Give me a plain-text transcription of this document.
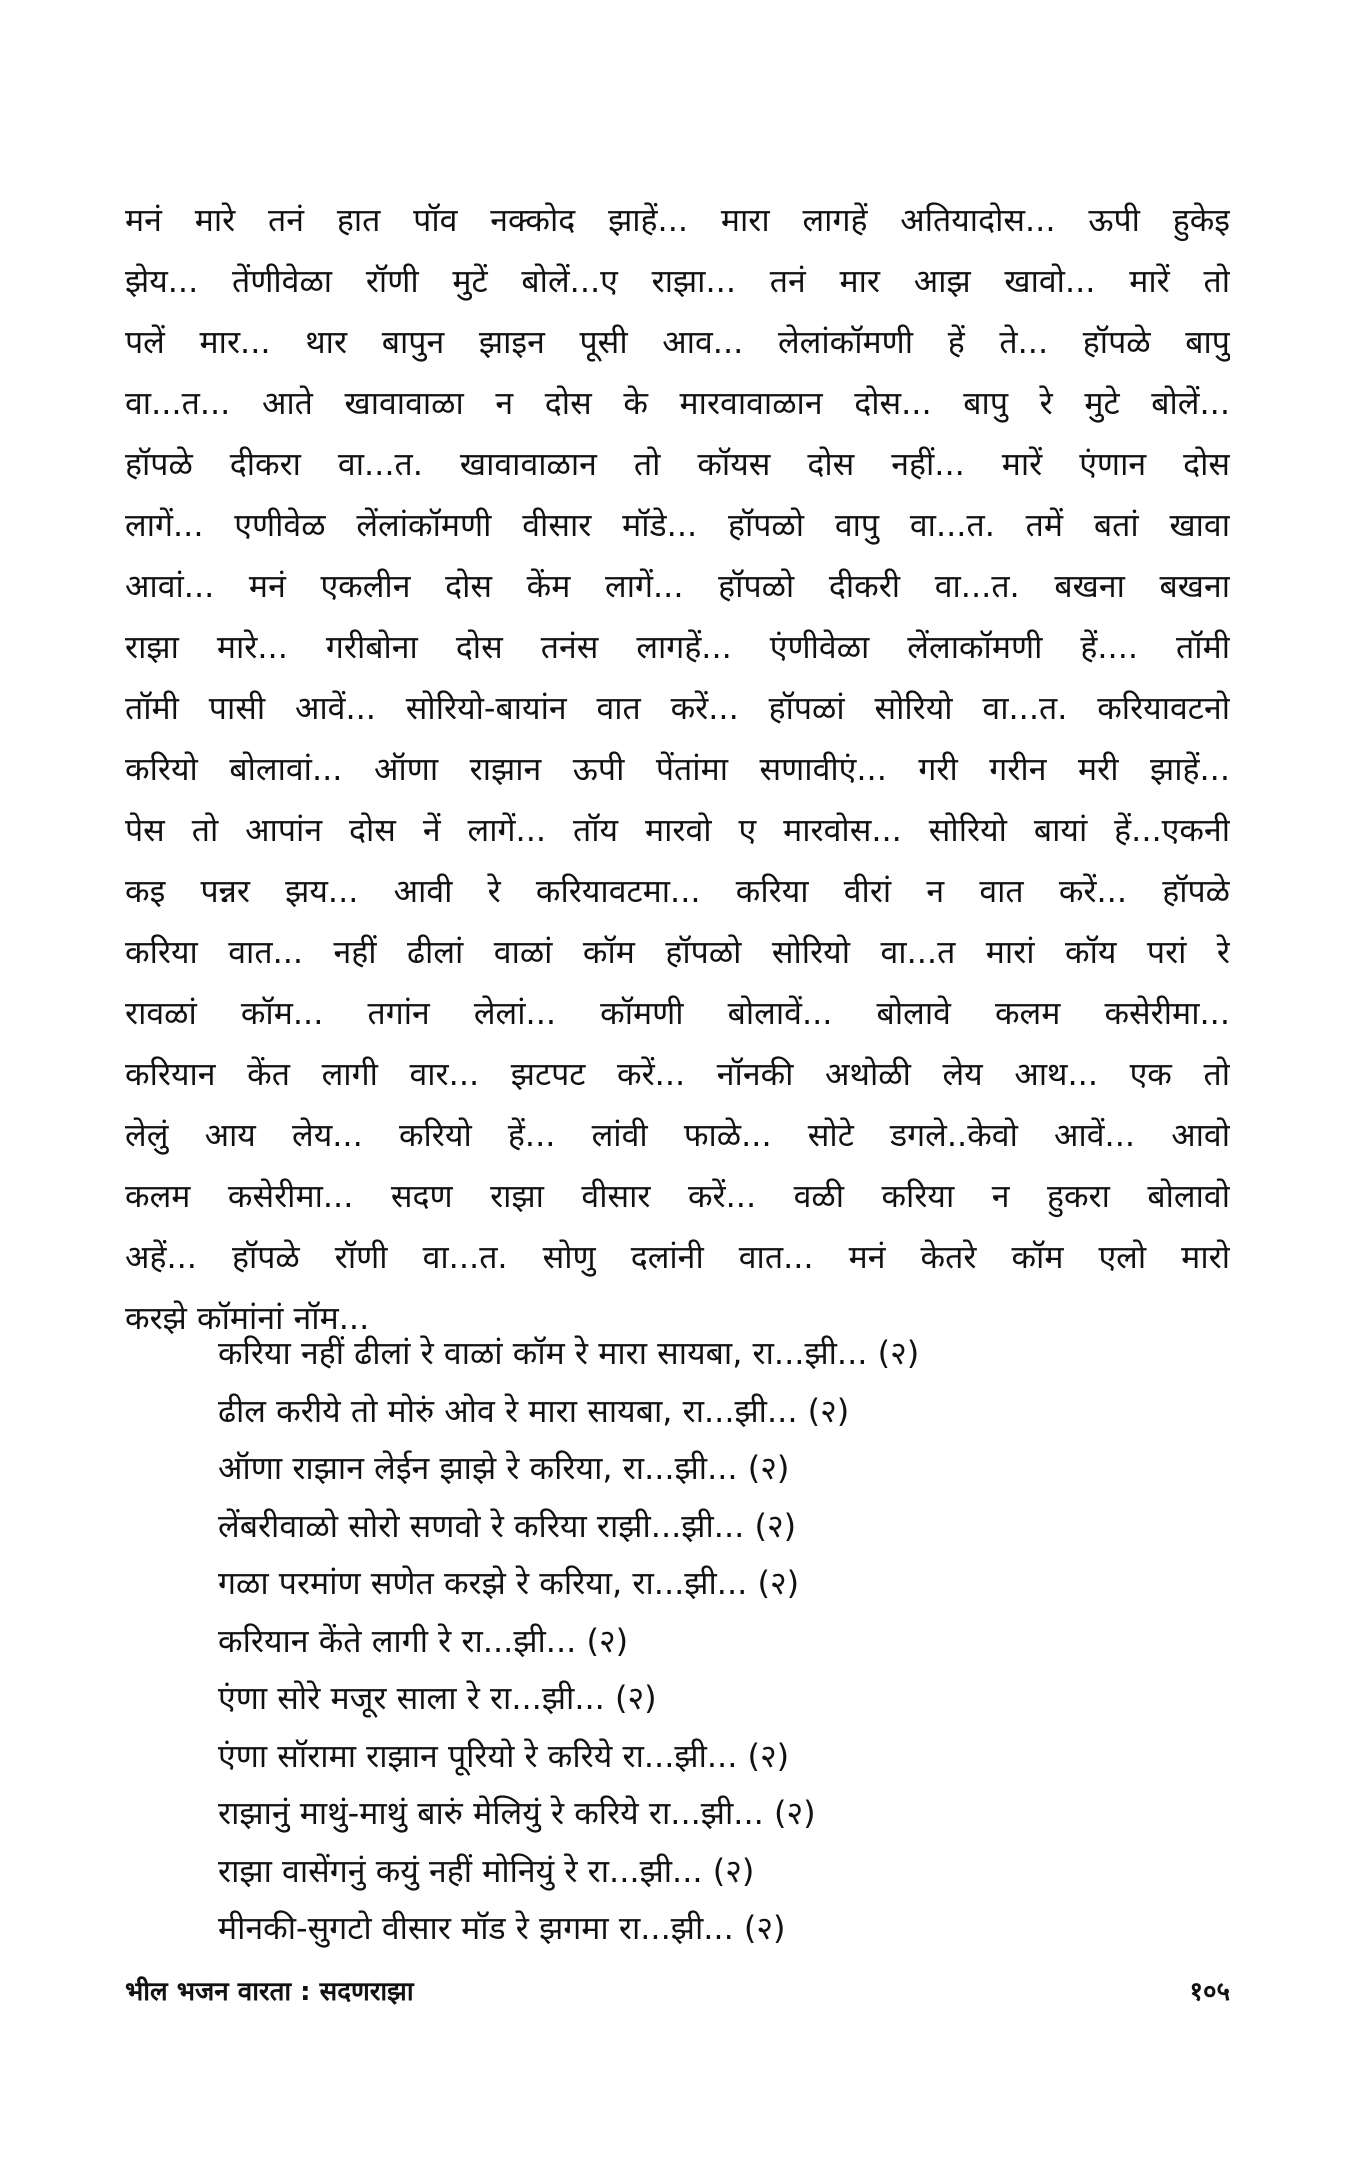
मनं मारे तनं हात पॉव नक्कोद झाहें... मारा लागहें अतियादोस... ऊपी हुकेइ
झेय... तेंणीवेळा रॉणी मुटें बोलें...ए राझा... तनं मार आझ खावो... मारें तो
पलें मार... थार बापुन झाइन पूसी आव... लेलांकॉमणी हें ते... हॉपळे बापु
वा...त... आते खावावाळा न दोस के मारवावाळान दोस... बापु रे मुटे बोलें...
हॉपळे दीकरा वा...त. खावावाळान तो कॉयस दोस नहीं... मारें एंणान दोस
लागें... एणीवेळ लेंलांकॉमणी वीसार मॉडे... हॉपळो वापु वा...त. तमें बतां खावा
आवां... मनं एकलीन दोस केंम लागें... हॉपळो दीकरी वा...त. बखना बखना
राझा मारे... गरीबोना दोस तनंस लागहें... एंणीवेळा लेंलाकॉमणी हें.... तॉमी
तॉमी पासी आवें... सोरियो-बायांन वात करें... हॉपळां सोरियो वा...त. करियावटनो
करियो बोलावां... ऑणा राझान ऊपी पेंतांमा सणावीएं... गरी गरीन मरी झाहें...
पेस तो आपांन दोस नें लागें... तॉय मारवो ए मारवोस... सोरियो बायां हें...एकनी
कइ पन्नर झय... आवी रे करियावटमा... करिया वीरां न वात करें... हॉपळे
करिया वात... नहीं ढीलां वाळां कॉम हॉपळो सोरियो वा...त मारां कॉय परां रे
रावळां कॉम... तगांन लेलां... कॉमणी बोलावें... बोलावे कलम कसेरीमा...
करियान केंत लागी वार... झटपट करें... नॉनकी अथोळी लेय आथ... एक तो
लेलुं आय लेय... करियो हें... लांवी फाळे... सोटे डगले..केवो आवें... आवो
कलम कसेरीमा... सदण राझा वीसार करें... वळी करिया न हुकरा बोलावो
अहें... हॉपळे रॉणी वा...त. सोणु दलांनी वात... मनं केतरे कॉम एलो मारो
करझे कॉमांनां नॉम...
करिया नहीं ढीलां रे वाळां कॉम रे मारा सायबा, रा...झी... (२)
ढील करीये तो मोरुं ओव रे मारा सायबा, रा...झी... (२)
ऑणा राझान लेईन झाझे रे करिया, रा...झी... (२)
लेंबरीवाळो सोरो सणवो रे करिया राझी...झी... (२)
गळा परमांण सणेत करझे रे करिया, रा...झी... (२)
करियान केंते लागी रे रा...झी... (२)
एंणा सोरे मजूर साला रे रा...झी... (२)
एंणा सॉरामा राझान पूरियो रे करिये रा...झी... (२)
राझानुं माथुं-माथुं बारुं मेलियुं रे करिये रा...झी... (२)
राझा वासेंगनुं कयुं नहीं मोनियुं रे रा...झी... (२)
मीनकी-सुगटो वीसार मॉड रे झगमा रा...झी... (२)
भील भजन वारता : सदणराझा	१०५
